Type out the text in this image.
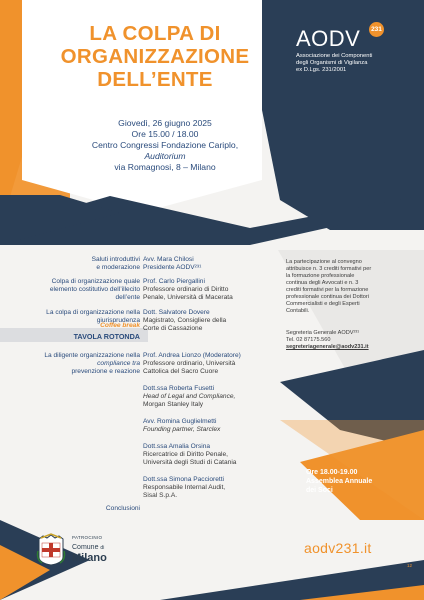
LA COLPA DI
ORGANIZZAZIONE
DELL’ENTE
Giovedì, 26 giugno 2025
Ore 15.00 / 18.00
Centro Congressi Fondazione Cariplo,
Auditorium
via Romagnosi, 8 – Milano
AODV	231
Associazione dei Componenti
degli Organismi di Vigilanza
ex D.Lgs. 231/2001
Saluti introduttivi
e moderazione
Avv. Mara Chilosi
Presidente AODV²³¹
Colpa di organizzazione quale
elemento costitutivo dell’illecito
dell’ente
Prof. Carlo Piergallini
Professore ordinario di Diritto
Penale, Università di Macerata
La colpa di organizzazione nella
giurisprudenza
Dott. Salvatore Dovere
Magistrato, Consigliere della
Corte di Cassazione
Coffee break
TAVOLA ROTONDA
La diligente organizzazione nella
compliance tra
prevenzione e reazione
Prof. Andrea Lionzo (Moderatore)
Professore ordinario, Università
Cattolica del Sacro Cuore
Dott.ssa Roberta Fusetti
Head of Legal and Compliance,
Morgan Stanley Italy
Avv. Romina Guglielmetti
Founding partner, Starclex
Dott.ssa Amalia Orsina
Ricercatrice di Diritto Penale,
Università degli Studi di Catania
Dott.ssa Simona Paccioretti
Responsabile Internal Audit,
Sisal S.p.A.
Conclusioni
La partecipazione al convegno
attribuisce n. 3 crediti formativi per
la formazione professionale
continua degli Avvocati e n. 3
crediti formativi per la formazione
professionale continua dei Dottori
Commercialisti e degli Esperti
Contabili.
Segreteria Generale AODV²³¹
Tel. 02 87175.560
segreteriagenerale@aodv231.it
Ore 18.00-19.00
Assemblea Annuale
dei Soci
aodv231.it
PATROCINIO
Comune di
Milano
12
